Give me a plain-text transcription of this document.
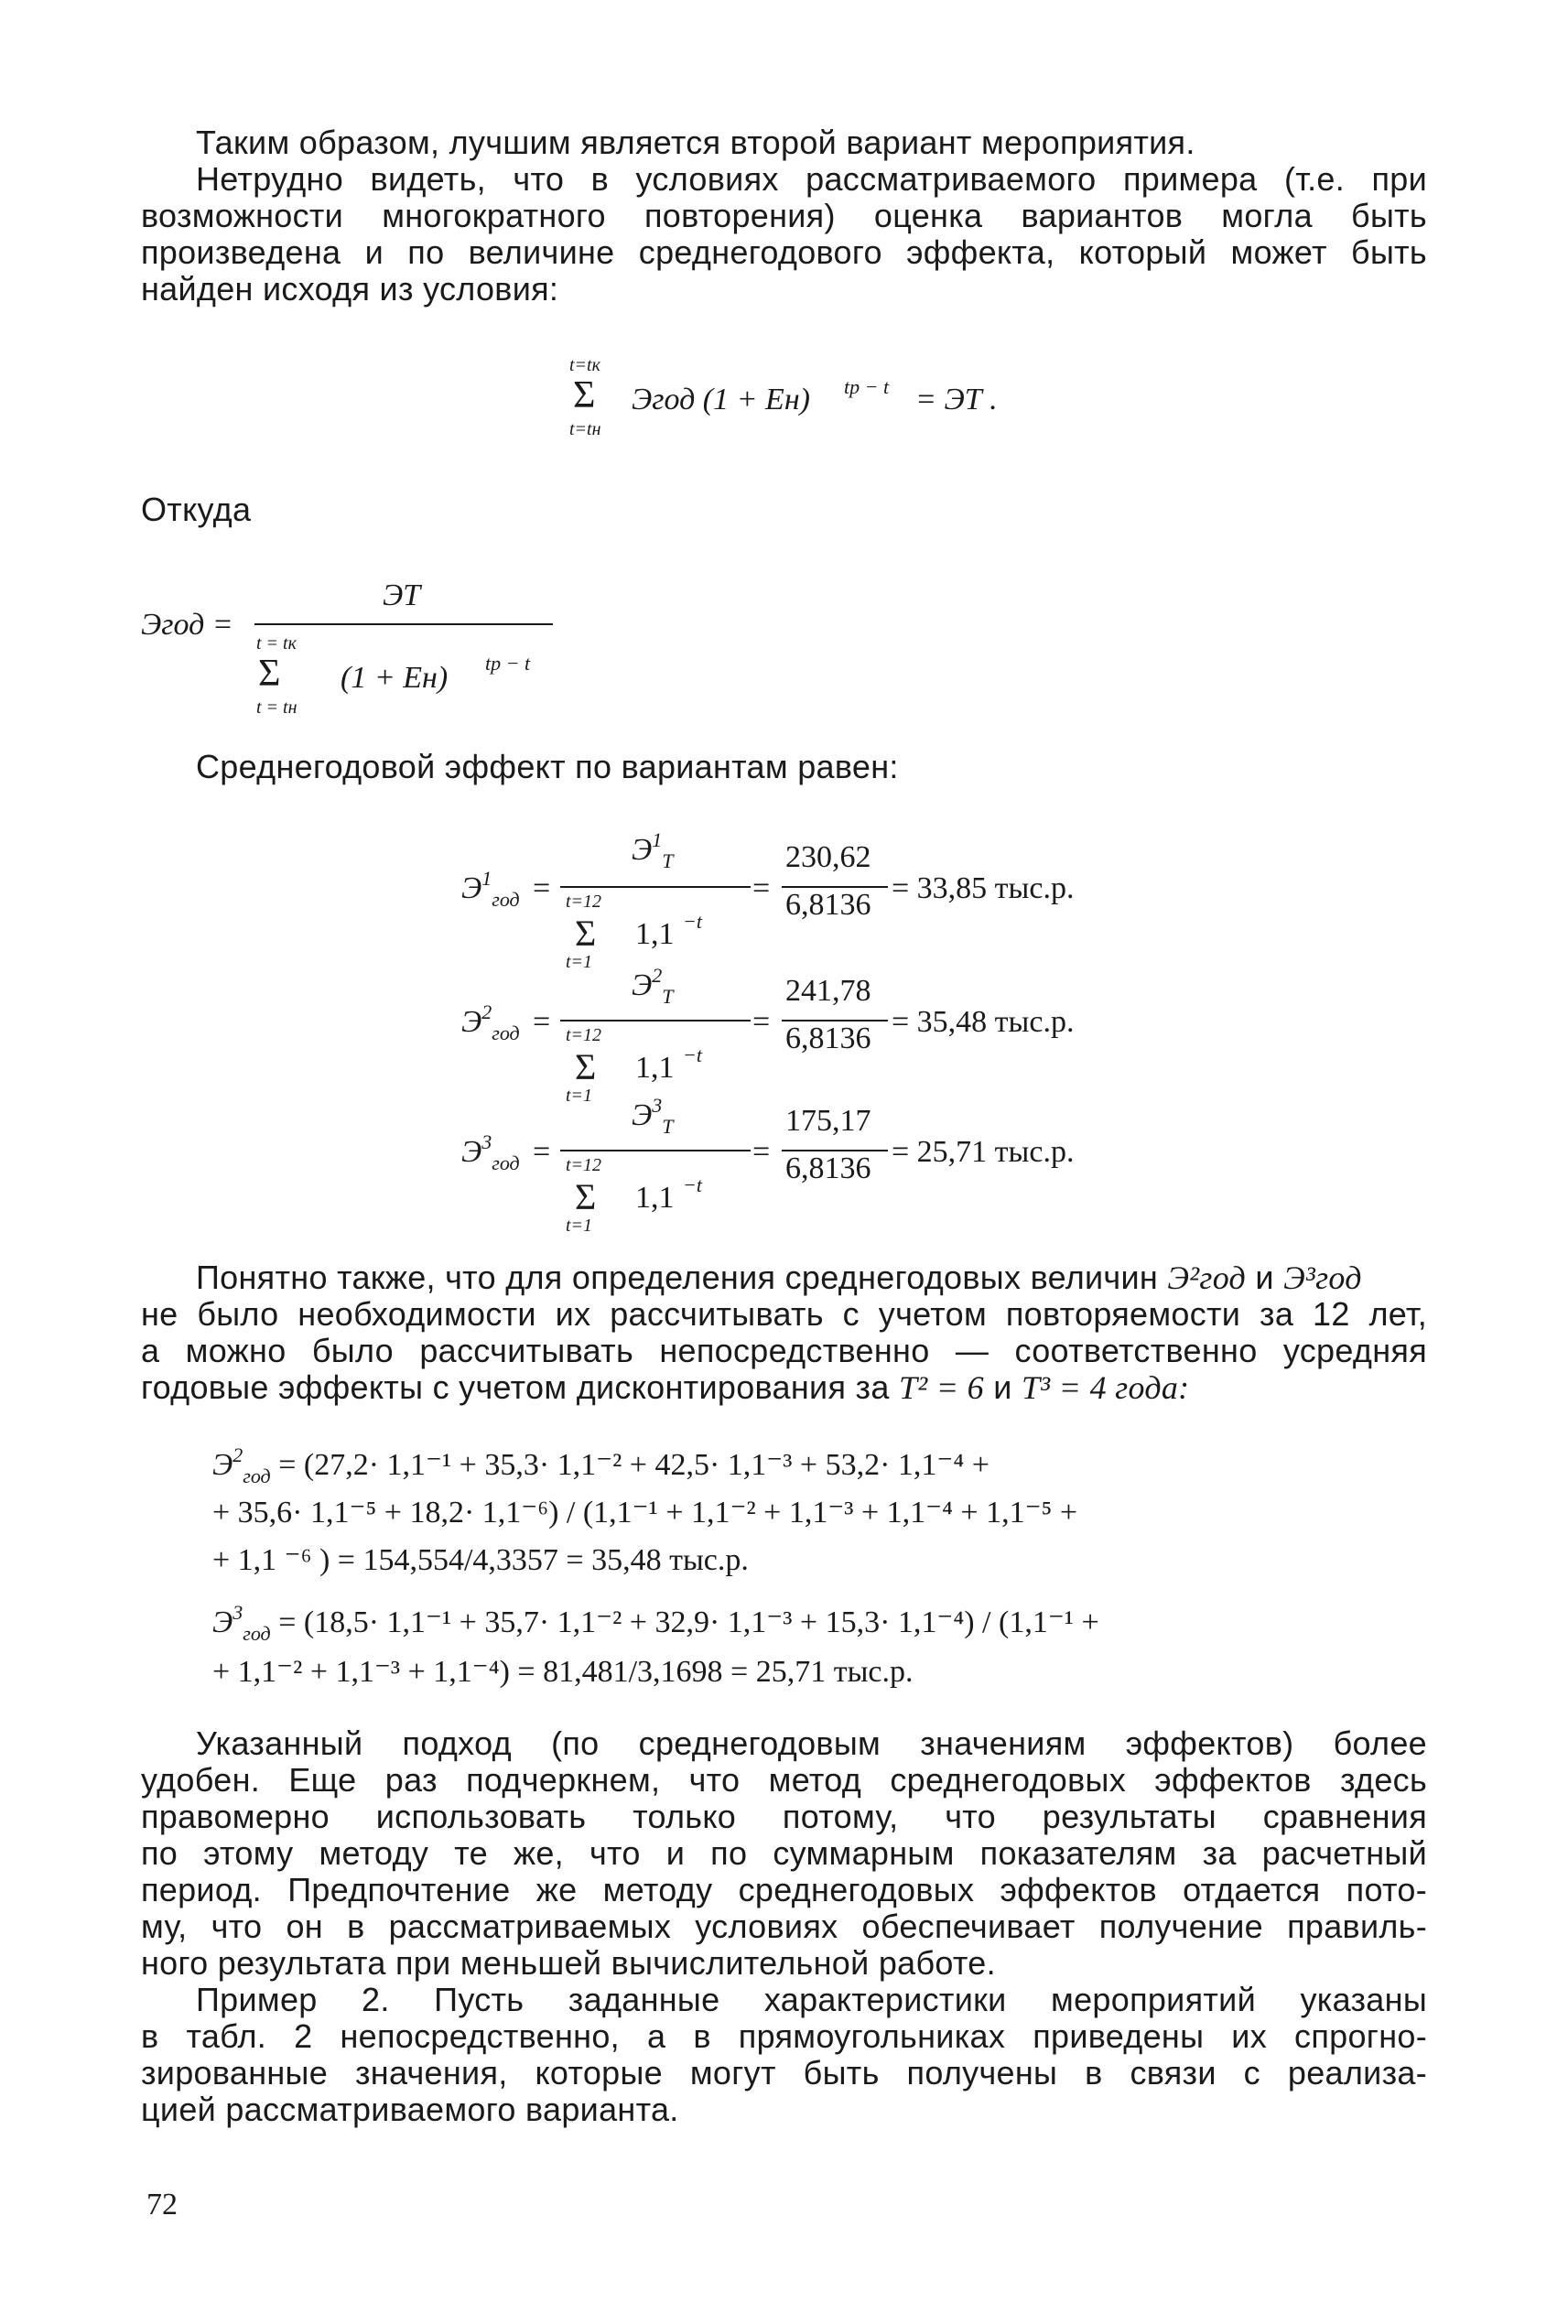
Таким образом, лучшим является второй вариант мероприятия.
Нетрудно видеть, что в условиях рассматриваемого примера (т.е. при
возможности многократного повторения) оценка вариантов могла быть
произведена и по величине среднегодового эффекта, который может быть
найден исходя из условия:
t=tк
Σ
t=tн
Эгод (1 + Eн) tр − t = ЭТ .
Откуда
Эгод =
ЭТ
t = tк
Σ
t = tн
(1 + Eн) tр − t
Среднегодовой эффект по вариантам равен:
$Э^1_{год}$ =
$Э^1_Т$
t=12
Σ 1,1 −t
t=1
=
230,62
6,8136 = 33,85 тыс.р.
$Э^2_{год}$ =
$Э^2_Т$
t=12
Σ 1,1 −t
t=1
=
241,78
6,8136 = 35,48 тыс.р.
$Э^3_{год}$ =
$Э^3_Т$
t=12
Σ 1,1 −t
t=1
=
175,17
6,8136 = 25,71 тыс.р.
Понятно также, что для определения среднегодовых величин Э²год и Э³год
не было необходимости их рассчитывать с учетом повторяемости за 12 лет,
а можно было рассчитывать непосредственно — соответственно усредняя
годовые эффекты с учетом дисконтирования за T² = 6 и T³ = 4 года:
$Э^2_{год} = (27,2\cdot 1,1^{-1} + 35,3\cdot 1,1^{-2} + 42,5\cdot 1,1^{-3} + 53,2\cdot 1,1^{-4}$ +
+ 35,6· 1,1⁻⁵ + 18,2· 1,1⁻⁶) / (1,1⁻¹ + 1,1⁻² + 1,1⁻³ + 1,1⁻⁴ + 1,1⁻⁵ +
+ 1,1 ⁻⁶ ) = 154,554/4,3357 = 35,48 тыс.р.
$Э^3_{год} = (18,5\cdot 1,1^{-1} + 35,7\cdot 1,1^{-2} + 32,9\cdot 1,1^{-3} + 15,3\cdot 1,1^{-4}) / (1,1^{-1}$ +
+ 1,1⁻² + 1,1⁻³ + 1,1⁻⁴) = 81,481/3,1698 = 25,71 тыс.р.
Указанный подход (по среднегодовым значениям эффектов) более
удобен. Еще раз подчеркнем, что метод среднегодовых эффектов здесь
правомерно использовать только потому, что результаты сравнения
по этому методу те же, что и по суммарным показателям за расчетный
период. Предпочтение же методу среднегодовых эффектов отдается пото-
му, что он в рассматриваемых условиях обеспечивает получение правиль-
ного результата при меньшей вычислительной работе.
Пример 2. Пусть заданные характеристики мероприятий указаны
в табл. 2 непосредственно, а в прямоугольниках приведены их спрогно-
зированные значения, которые могут быть получены в связи с реализа-
цией рассматриваемого варианта.
72
